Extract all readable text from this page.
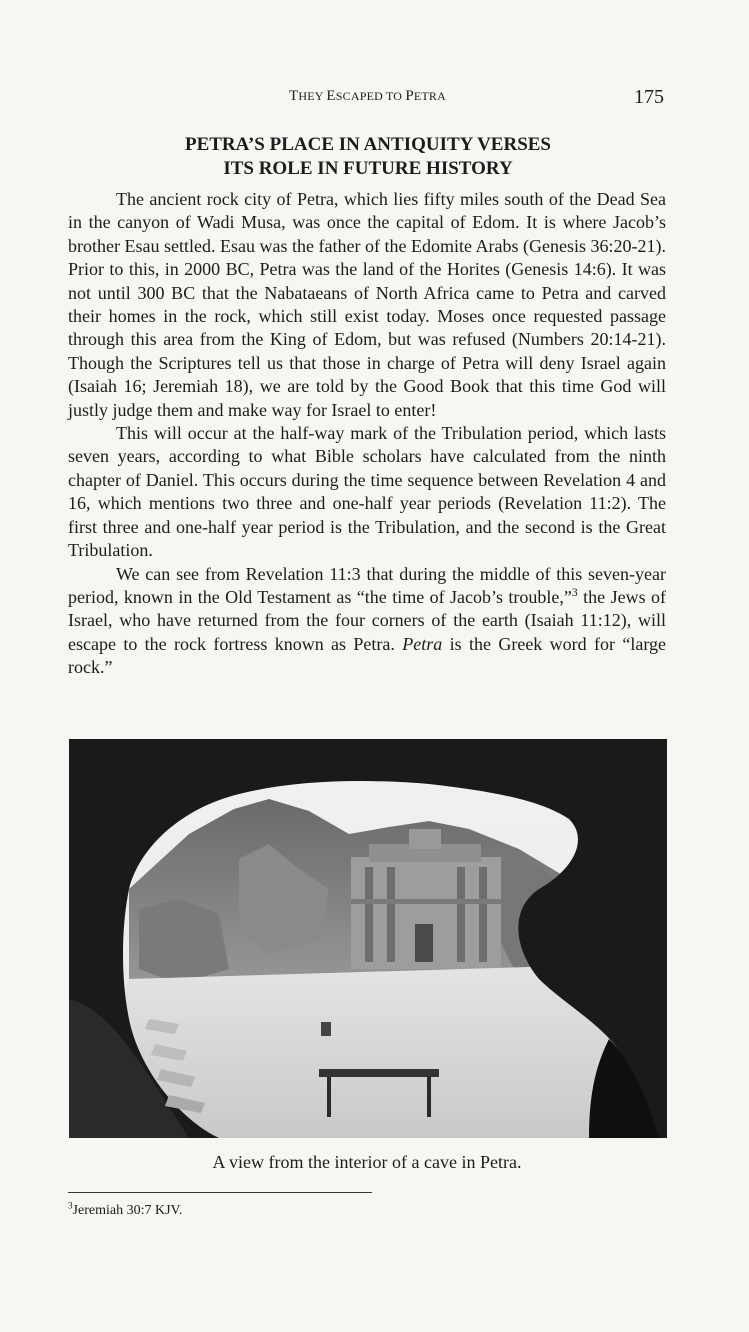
THEY ESCAPED TO PETRA	175
PETRA’S PLACE IN ANTIQUITY VERSES
ITS ROLE IN FUTURE HISTORY

The ancient rock city of Petra, which lies fifty miles south of the Dead Sea in the canyon of Wadi Musa, was once the capital of Edom. It is where Jacob’s brother Esau settled. Esau was the father of the Edomite Arabs (Genesis 36:20-21). Prior to this, in 2000 BC, Petra was the land of the Horites (Genesis 14:6). It was not until 300 BC that the Nabataeans of North Africa came to Petra and carved their homes in the rock, which still exist today. Moses once requested passage through this area from the King of Edom, but was refused (Numbers 20:14-21). Though the Scriptures tell us that those in charge of Petra will deny Israel again (Isaiah 16; Jeremiah 18), we are told by the Good Book that this time God will justly judge them and make way for Israel to enter!

This will occur at the half-way mark of the Tribulation period, which lasts seven years, according to what Bible scholars have calculated from the ninth chapter of Daniel. This occurs during the time sequence between Revelation 4 and 16, which mentions two three and one-half year periods (Revelation 11:2). The first three and one-half year period is the Tribulation, and the second is the Great Tribulation.

We can see from Revelation 11:3 that during the middle of this seven-year period, known in the Old Testament as “the time of Jacob’s trouble,”$^3$ the Jews of Israel, who have returned from the four corners of the earth (Isaiah 11:12), will escape to the rock fortress known as Petra. Petra is the Greek word for “large rock.”

A view from the interior of a cave in Petra.
$^3$Jeremiah 30:7 KJV.
